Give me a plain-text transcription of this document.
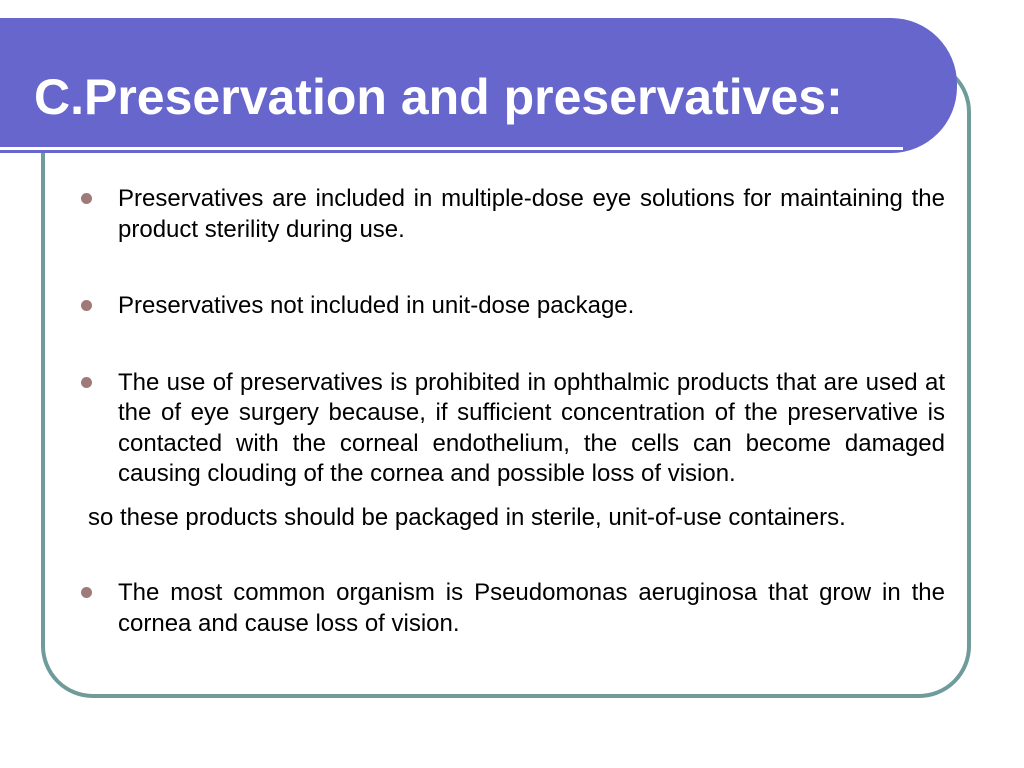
C.Preservation and preservatives:

Preservatives are included in multiple-dose eye solutions for maintaining the product sterility during use.

Preservatives not included in unit-dose package.

The use of preservatives is prohibited in ophthalmic products that are used at the of eye surgery because, if sufficient concentration of the preservative is contacted with the corneal endothelium, the cells can become damaged causing clouding of the cornea and possible loss of vision.

so these products should be packaged in sterile, unit-of-use containers.

The most common organism is Pseudomonas aeruginosa that grow in the cornea and cause loss of vision.
